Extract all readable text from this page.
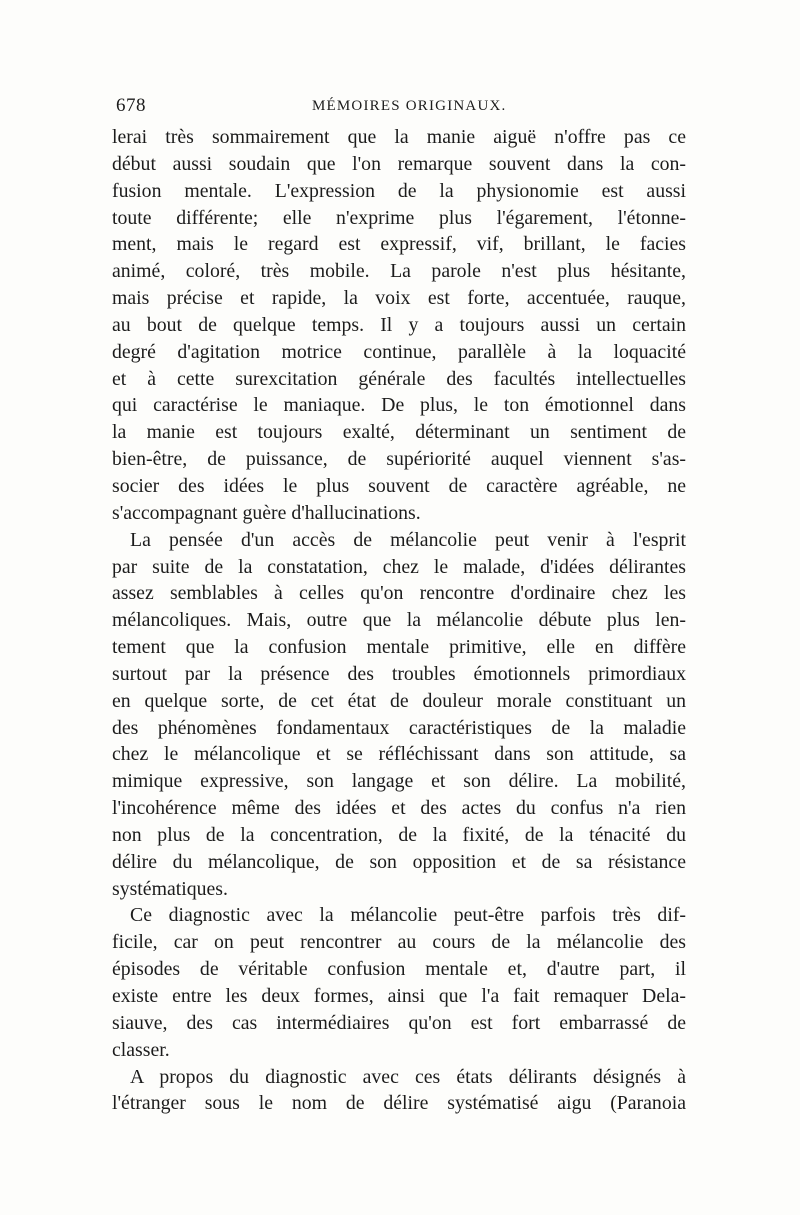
678	MÉMOIRES ORIGINAUX.
lerai très sommairement que la manie aiguë n'offre pas ce
début aussi soudain que l'on remarque souvent dans la con-
fusion mentale. L'expression de la physionomie est aussi
toute différente; elle n'exprime plus l'égarement, l'étonne-
ment, mais le regard est expressif, vif, brillant, le facies
animé, coloré, très mobile. La parole n'est plus hésitante,
mais précise et rapide, la voix est forte, accentuée, rauque,
au bout de quelque temps. Il y a toujours aussi un certain
degré d'agitation motrice continue, parallèle à la loquacité
et à cette surexcitation générale des facultés intellectuelles
qui caractérise le maniaque. De plus, le ton émotionnel dans
la manie est toujours exalté, déterminant un sentiment de
bien-être, de puissance, de supériorité auquel viennent s'as-
socier des idées le plus souvent de caractère agréable, ne
s'accompagnant guère d'hallucinations.
La pensée d'un accès de mélancolie peut venir à l'esprit
par suite de la constatation, chez le malade, d'idées délirantes
assez semblables à celles qu'on rencontre d'ordinaire chez les
mélancoliques. Mais, outre que la mélancolie débute plus len-
tement que la confusion mentale primitive, elle en diffère
surtout par la présence des troubles émotionnels primordiaux
en quelque sorte, de cet état de douleur morale constituant un
des phénomènes fondamentaux caractéristiques de la maladie
chez le mélancolique et se réfléchissant dans son attitude, sa
mimique expressive, son langage et son délire. La mobilité,
l'incohérence même des idées et des actes du confus n'a rien
non plus de la concentration, de la fixité, de la ténacité du
délire du mélancolique, de son opposition et de sa résistance
systématiques.
Ce diagnostic avec la mélancolie peut-être parfois très dif-
ficile, car on peut rencontrer au cours de la mélancolie des
épisodes de véritable confusion mentale et, d'autre part, il
existe entre les deux formes, ainsi que l'a fait remaquer Dela-
siauve, des cas intermédiaires qu'on est fort embarrassé de
classer.
A propos du diagnostic avec ces états délirants désignés à
l'étranger sous le nom de délire systématisé aigu (Paranoia
